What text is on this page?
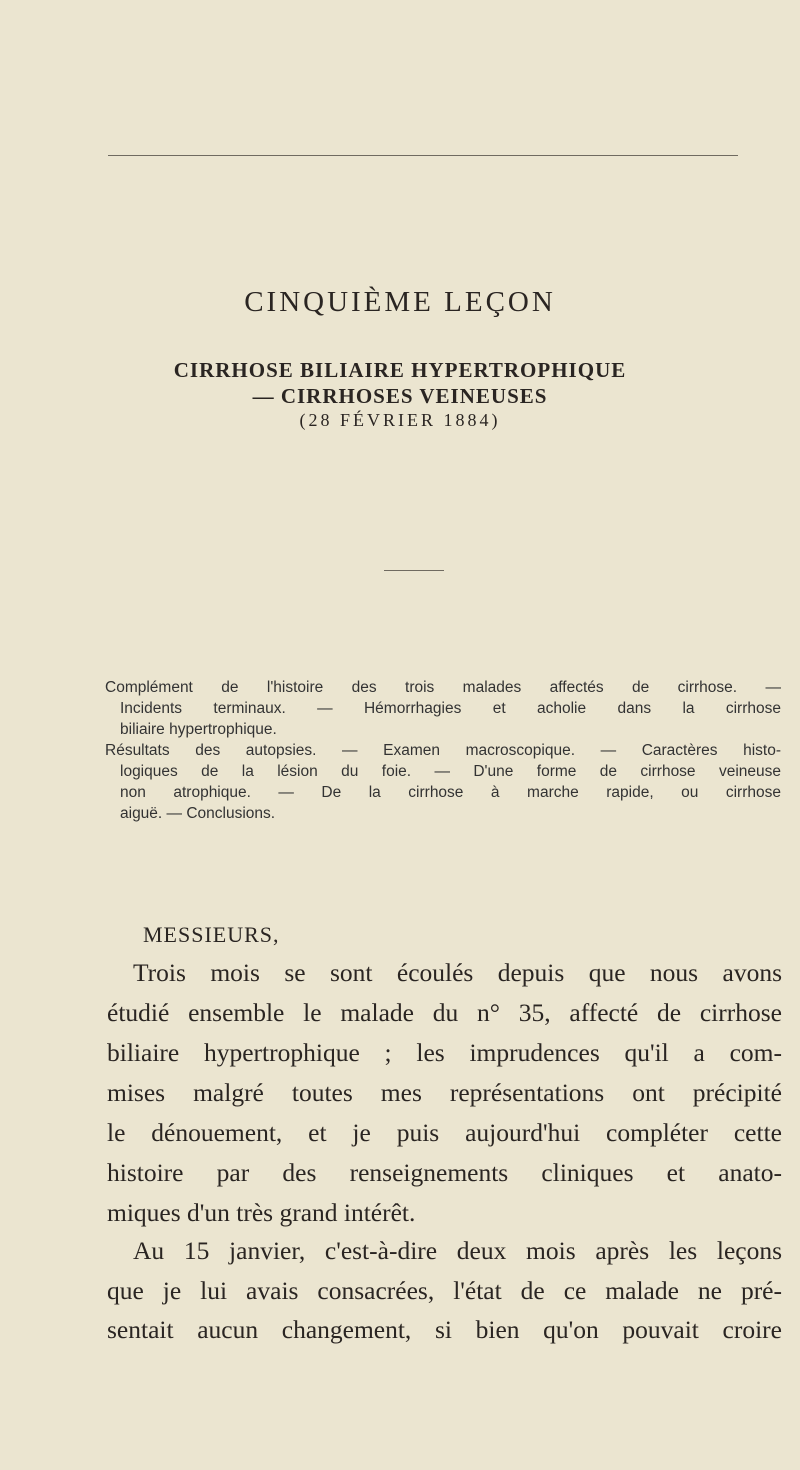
CINQUIÈME LEÇON
CIRRHOSE BILIAIRE HYPERTROPHIQUE
— CIRRHOSES VEINEUSES
(28 FÉVRIER 1884)
Complément de l'histoire des trois malades affectés de cirrhose. —
Incidents terminaux. — Hémorrhagies et acholie dans la cirrhose
biliaire hypertrophique.
Résultats des autopsies. — Examen macroscopique. — Caractères histo-
logiques de la lésion du foie. — D'une forme de cirrhose veineuse
non atrophique. — De la cirrhose à marche rapide, ou cirrhose
aiguë. — Conclusions.
MESSIEURS,
Trois mois se sont écoulés depuis que nous avons
étudié ensemble le malade du n° 35, affecté de cirrhose
biliaire hypertrophique ; les imprudences qu'il a com-
mises malgré toutes mes représentations ont précipité
le dénouement, et je puis aujourd'hui compléter cette
histoire par des renseignements cliniques et anato-
miques d'un très grand intérêt.
Au 15 janvier, c'est-à-dire deux mois après les leçons
que je lui avais consacrées, l'état de ce malade ne pré-
sentait aucun changement, si bien qu'on pouvait croire
